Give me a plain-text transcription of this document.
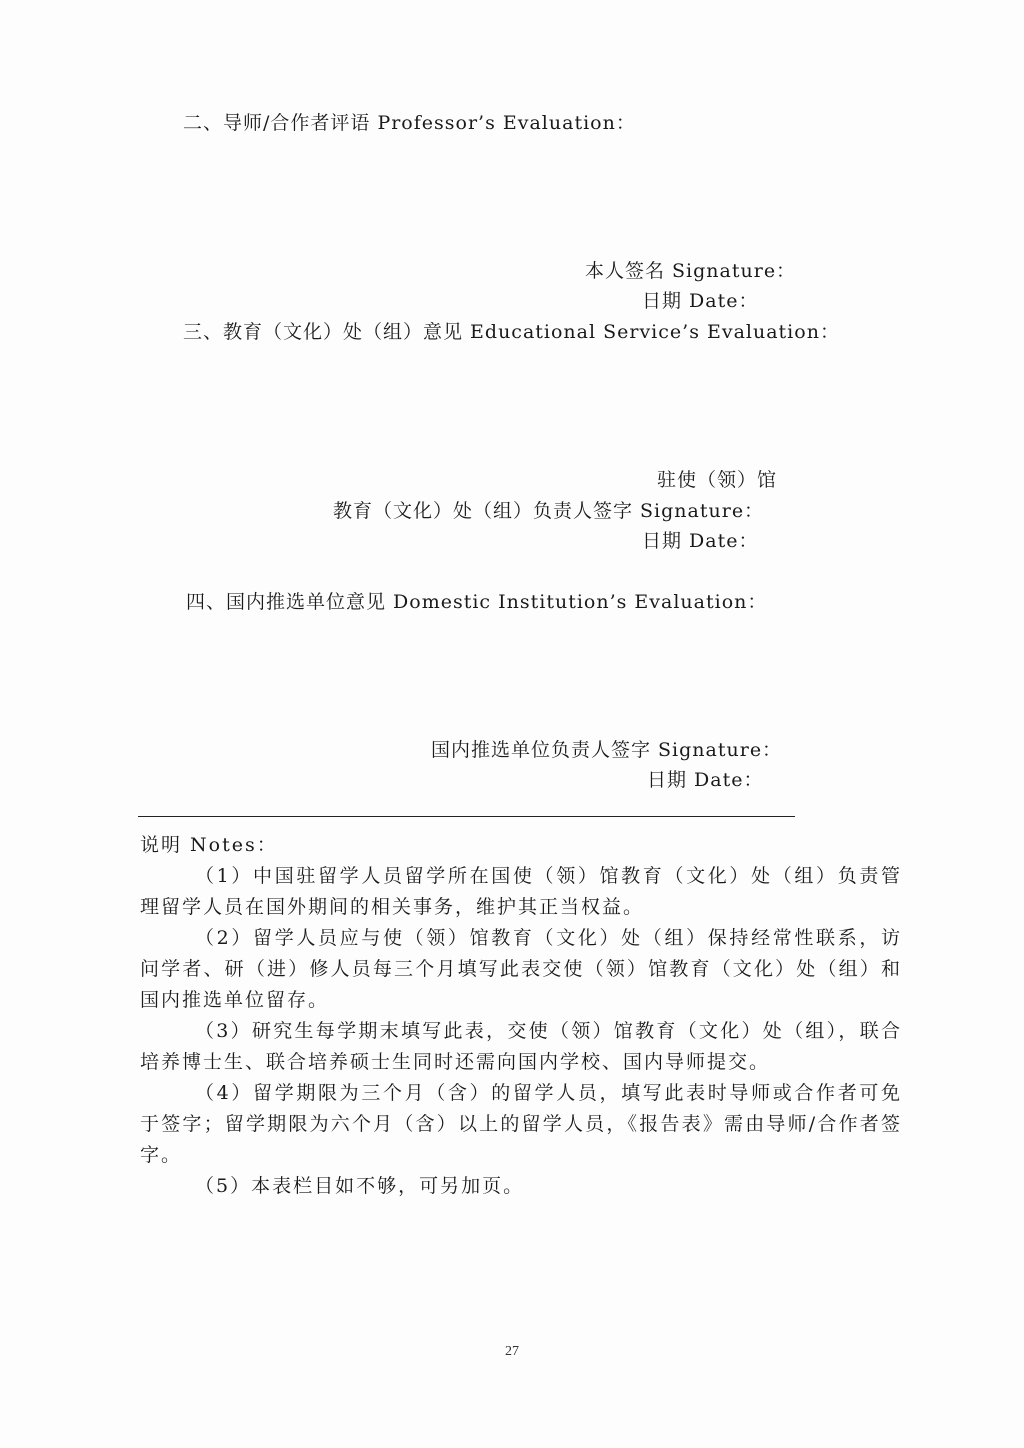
二、导师/合作者评语 Professor’s Evaluation：
本人签名 Signature：
日期 Date：
三、教育（文化）处（组）意见 Educational Service’s Evaluation：
驻使（领）馆
教育（文化）处（组）负责人签字 Signature：
日期 Date：
四、国内推选单位意见 Domestic Institution’s Evaluation：
国内推选单位负责人签字 Signature：
日期 Date：
说明 Notes：
（1）中国驻留学人员留学所在国使（领）馆教育（文化）处（组）负责管理留学人员在国外期间的相关事务，维护其正当权益。
（2）留学人员应与使（领）馆教育（文化）处（组）保持经常性联系，访问学者、研（进）修人员每三个月填写此表交使（领）馆教育（文化）处（组）和国内推选单位留存。
（3）研究生每学期末填写此表，交使（领）馆教育（文化）处（组），联合培养博士生、联合培养硕士生同时还需向国内学校、国内导师提交。
（4）留学期限为三个月（含）的留学人员，填写此表时导师或合作者可免于签字；留学期限为六个月（含）以上的留学人员，《报告表》需由导师/合作者签字。
（5）本表栏目如不够，可另加页。
27
